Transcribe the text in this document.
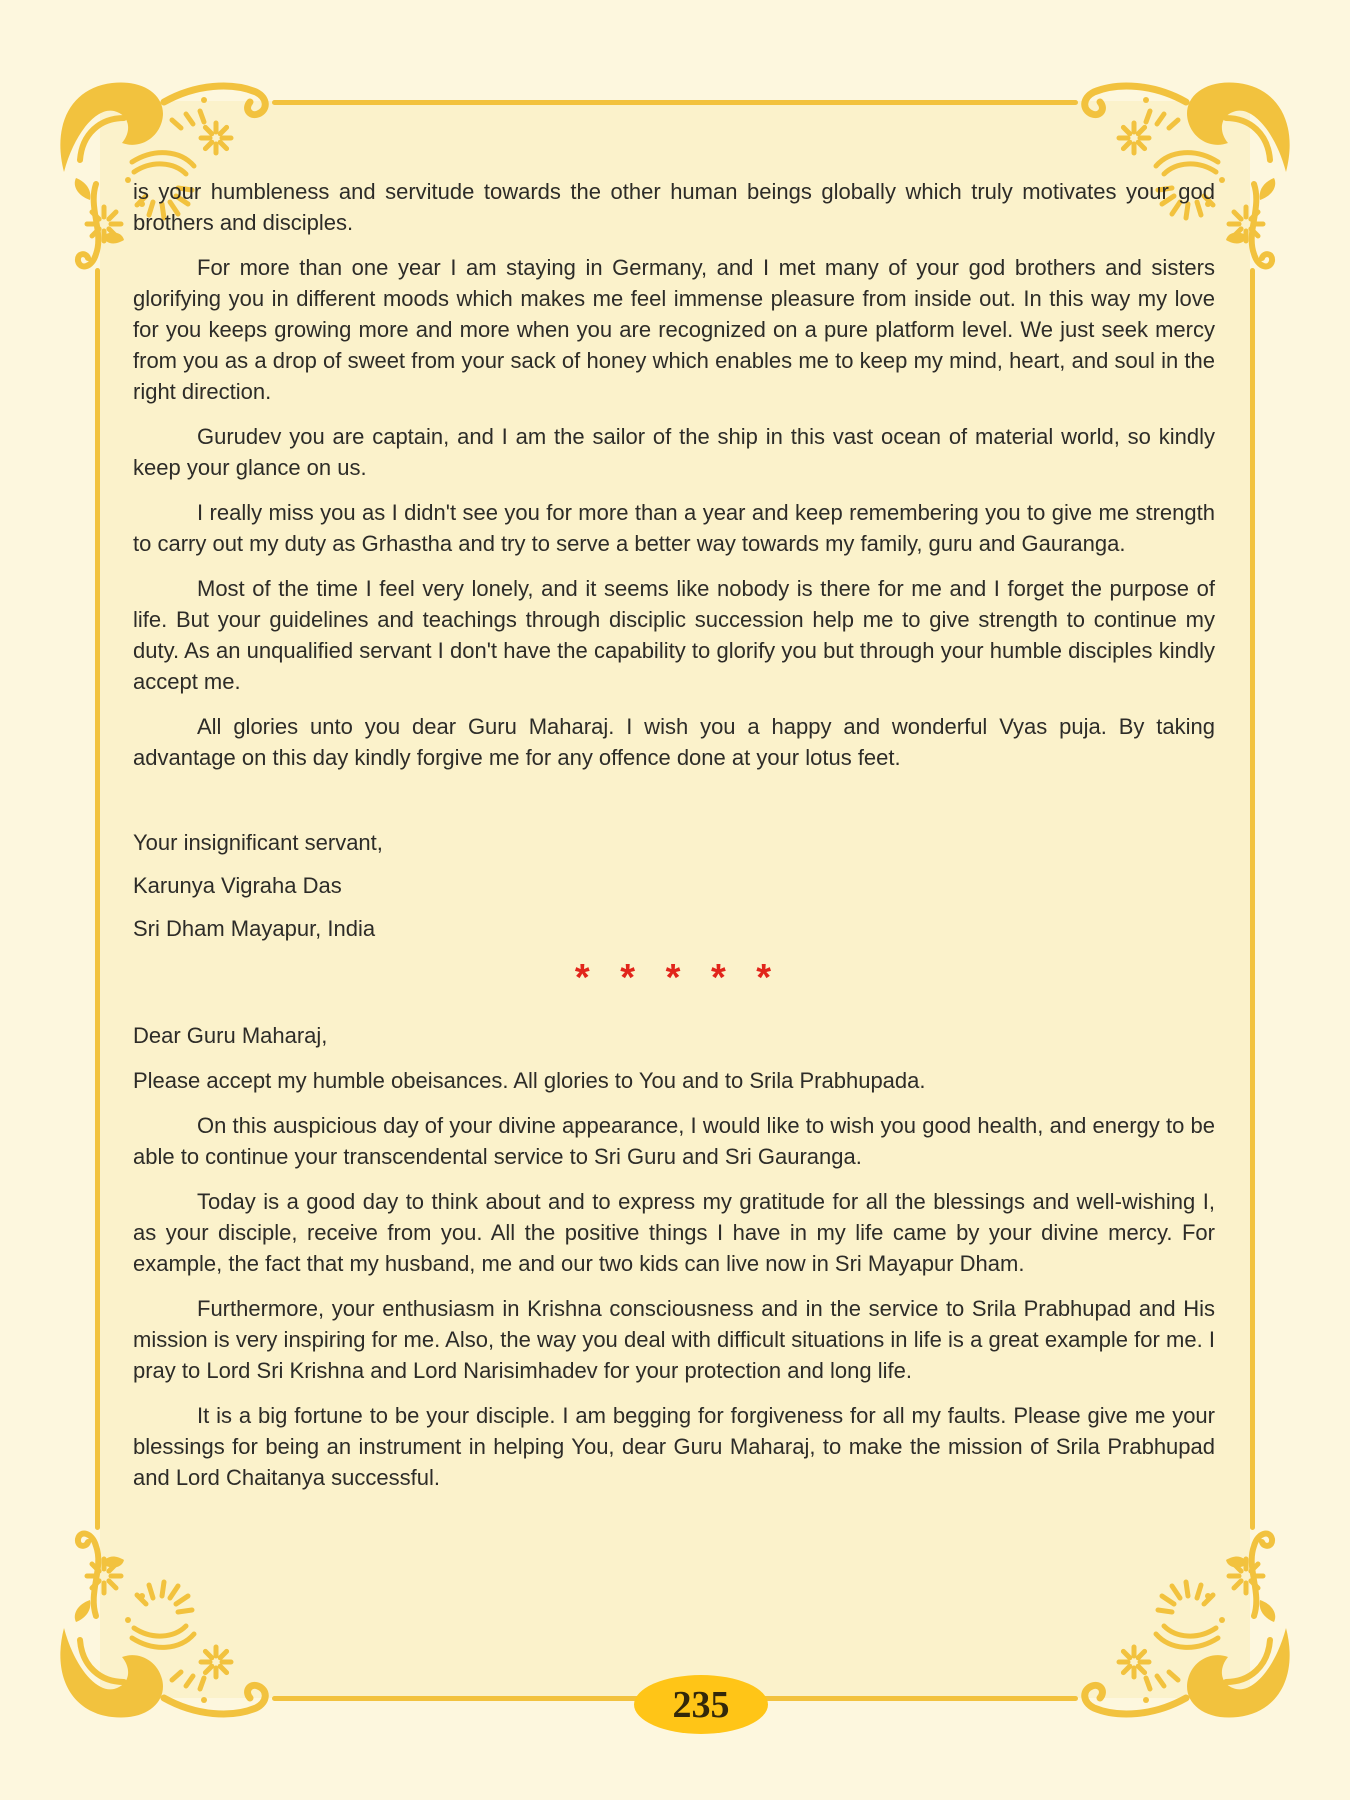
is your humbleness and servitude towards the other human beings globally which truly motivates your god brothers and disciples.

For more than one year I am staying in Germany, and I met many of your god brothers and sisters glorifying you in different moods which makes me feel immense pleasure from inside out. In this way my love for you keeps growing more and more when you are recognized on a pure platform level. We just seek mercy from you as a drop of sweet from your sack of honey which enables me to keep my mind, heart, and soul in the right direction.

Gurudev you are captain, and I am the sailor of the ship in this vast ocean of material world, so kindly keep your glance on us.

I really miss you as I didn't see you for more than a year and keep remembering you to give me strength to carry out my duty as Grhastha and try to serve a better way towards my family, guru and Gauranga.

Most of the time I feel very lonely, and it seems like nobody is there for me and I forget the purpose of life. But your guidelines and teachings through disciplic succession help me to give strength to continue my duty. As an unqualified servant I don't have the capability to glorify you but through your humble disciples kindly accept me.

All glories unto you dear Guru Maharaj. I wish you a happy and wonderful Vyas puja. By taking advantage on this day kindly forgive me for any offence done at your lotus feet.

Your insignificant servant,

Karunya Vigraha Das

Sri Dham Mayapur, India

* * * * *

Dear Guru Maharaj,

Please accept my humble obeisances. All glories to You and to Srila Prabhupada.

On this auspicious day of your divine appearance, I would like to wish you good health, and energy to be able to continue your transcendental service to Sri Guru and Sri Gauranga.

Today is a good day to think about and to express my gratitude for all the blessings and well-wishing I, as your disciple, receive from you. All the positive things I have in my life came by your divine mercy. For example, the fact that my husband, me and our two kids can live now in Sri Mayapur Dham.

Furthermore, your enthusiasm in Krishna consciousness and in the service to Srila Prabhupad and His mission is very inspiring for me. Also, the way you deal with difficult situations in life is a great example for me. I pray to Lord Sri Krishna and Lord Narisimhadev for your protection and long life.

It is a big fortune to be your disciple. I am begging for forgiveness for all my faults. Please give me your blessings for being an instrument in helping You, dear Guru Maharaj, to make the mission of Srila Prabhupad and Lord Chaitanya successful.

235
